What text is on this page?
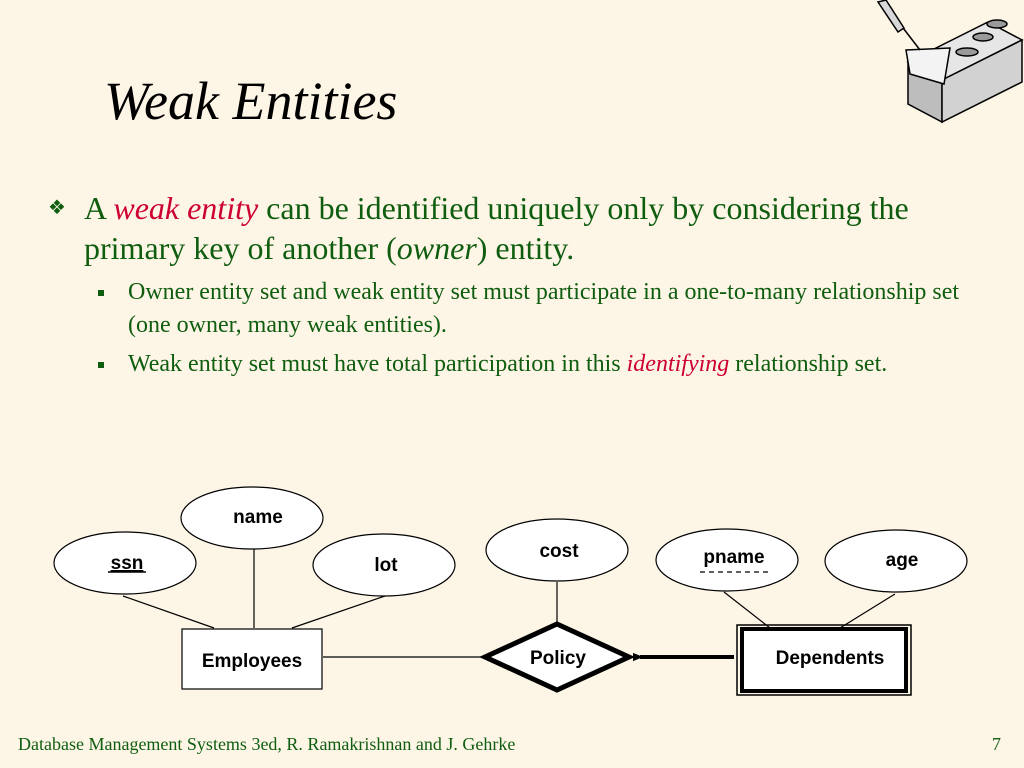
Weak Entities
❖ A weak entity can be identified uniquely only by considering the primary key of another (owner) entity.
Owner entity set and weak entity set must participate in a one-to-many relationship set (one owner, many weak entities).
Weak entity set must have total participation in this identifying relationship set.
name
ssn	lot
cost	pname	age
Employees	Dependents
Policy
Database Management Systems 3ed, R. Ramakrishnan and J. Gehrke	7
